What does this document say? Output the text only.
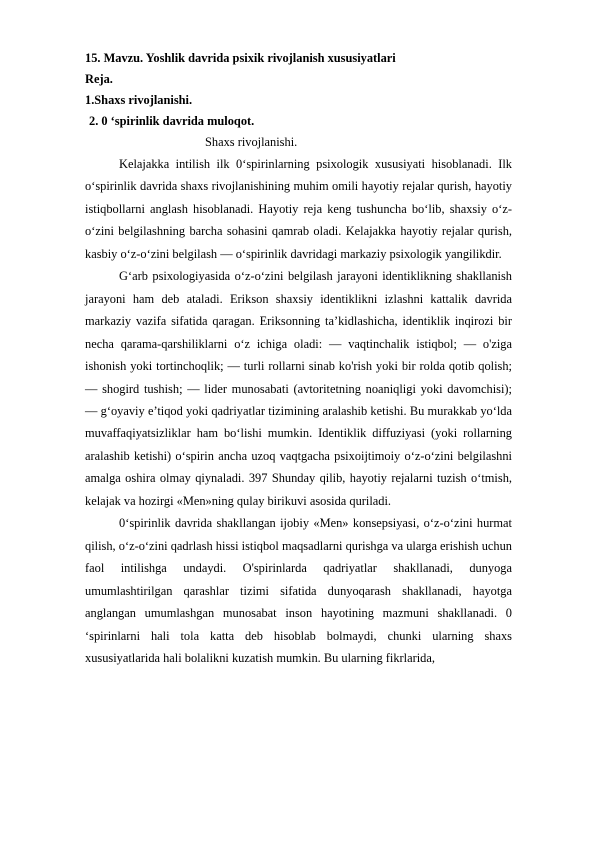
15. Mavzu. Yoshlik davrida psixik rivojlanish xususiyatlari

Reja.

1.Shaxs rivojlanishi.

2. 0 ‘spirinlik davrida muloqot.

Shaxs rivojlanishi.

Kelajakka intilish ilk 0‘spirinlarning psixologik xususiyati hisoblanadi. Ilk o‘spirinlik davrida shaxs rivojlanishining muhim omili hayotiy rejalar qurish, hayotiy istiqbollarni anglash hisoblanadi. Hayotiy reja keng tushuncha bo‘lib, shaxsiy o‘z-o‘zini belgilashning barcha sohasini qamrab oladi. Kelajakka hayotiy rejalar qurish, kasbiy o‘z-o‘zini belgilash — o‘spirinlik davridagi markaziy psixologik yangilikdir.

G‘arb psixologiyasida o‘z-o‘zini belgilash jarayoni identiklikning shakllanish jarayoni ham deb ataladi. Erikson shaxsiy identiklikni izlashni kattalik davrida markaziy vazifa sifatida qaragan. Eriksonning ta’kidlashicha, identiklik inqirozi bir necha qarama-qarshiliklarni o‘z ichiga oladi: — vaqtinchalik istiqbol; — o'ziga ishonish yoki tortinchoqlik; — turli rollarni sinab ko'rish yoki bir rolda qotib qolish; — shogird tushish; — lider munosabati (avtoritetning noaniqligi yoki davomchisi); — g‘oyaviy e’tiqod yoki qadriyatlar tizimining aralashib ketishi. Bu murakkab yo‘lda muvaffaqiyatsizliklar ham bo‘lishi mumkin. Identiklik diffuziyasi (yoki rollarning aralashib ketishi) o‘spirin ancha uzoq vaqtgacha psixoijtimoiy o‘z-o‘zini belgilashni amalga oshira olmay qiynaladi. 397 Shunday qilib, hayotiy rejalarni tuzish o‘tmish, kelajak va hozirgi «Men»ning qulay birikuvi asosida quriladi.

0‘spirinlik davrida shakllangan ijobiy «Men» konsepsiyasi, o‘z-o‘zini hurmat qilish, o‘z-o‘zini qadrlash hissi istiqbol maqsadlarni qurishga va ularga erishish uchun faol intilishga undaydi. O'spirinlarda qadriyatlar shakllanadi, dunyoga umumlashtirilgan qarashlar tizimi sifatida dunyoqarash shakllanadi, hayotga anglangan umumlashgan munosabat inson hayotining mazmuni shakllanadi. 0 ‘spirinlarni hali tola katta deb hisoblab bolmaydi, chunki ularning shaxs xususiyatlarida hali bolalikni kuzatish mumkin. Bu ularning fikrlarida,
